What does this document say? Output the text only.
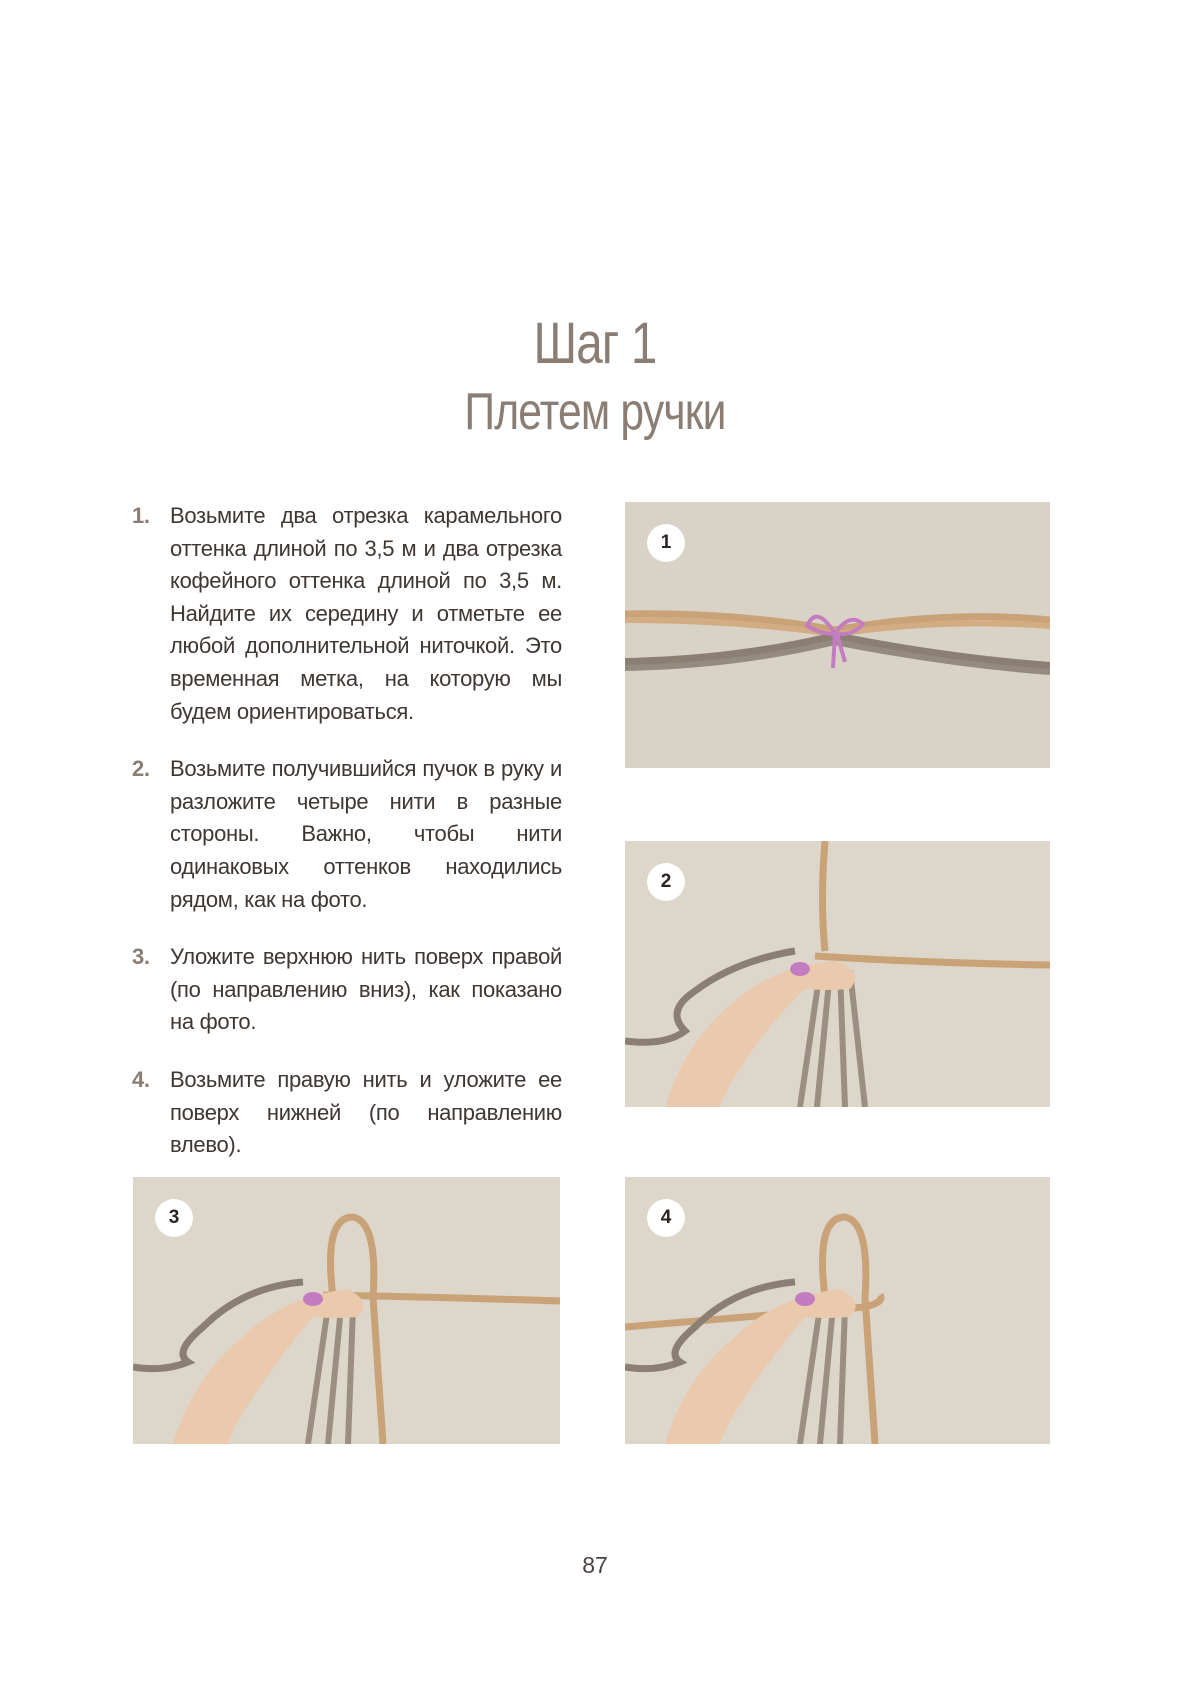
Шаг 1
Плетем ручки
1. Возьмите два отрезка карамельного оттенка длиной по 3,5 м и два отрезка кофейного оттенка длиной по 3,5 м. Найдите их середину и отметьте ее любой дополнительной ниточкой. Это временная метка, на которую мы будем ориентироваться.
2. Возьмите получившийся пучок в руку и разложите четыре нити в разные стороны. Важно, чтобы нити одинаковых оттенков находились рядом, как на фото.
3. Уложите верхнюю нить поверх правой (по направлению вниз), как показано на фото.
4. Возьмите правую нить и уложите ее поверх нижней (по направлению влево).
1
2
3	4
87
